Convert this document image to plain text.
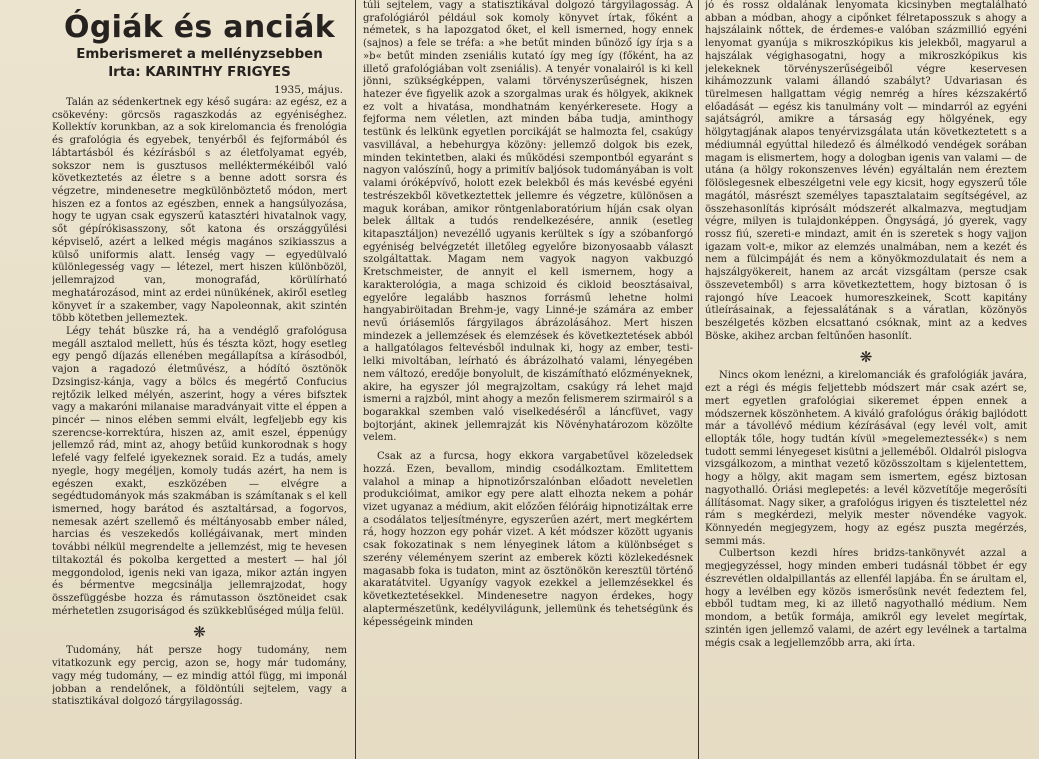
Ógiák és anciák
Emberismeret a mellényzsebben
Irta: KARINTHY FRIGYES
1935, május.

Talán az sédenkertnek egy késő sugára: az egész, ez a csökevény: görcsös ragaszkodás az egyéniséghez. Kollektív korunkban, az a sok kirelomancia és frenológia és grafológia és egyebek, tenyérből és fejformából és lábtartásból és kézírásból s az életfolyamat egyéb, sokszor nem is gusztusos melléktermékéiből való következtetés az életre s a benne adott sorsra és végzetre, mindenesetre megkülönböztető módon, mert hiszen ez a fontos az egészben, ennek a hangsúlyozása, hogy te ugyan csak egyszerű katasztéri hivatalnok vagy, sőt gépírókisasszony, sőt katona és országgyűlési képviselő, azért a lelked mégis magános szikiasszus a külső uniformis alatt. Ienség vagy — egyedülvaló különlegesség vagy — létezel, mert hiszen különbözöl, jellemrajzod van, monografád, körülírható meghatározásod, mint az erdei nünükének, akiről esetleg könyvet ír a szakember, vagy Napoleonnak, akit szintén több kötetben jellemeztek.

Légy tehát büszke rá, ha a vendéglő grafológusa megáll asztalod mellett, hús és tészta közt, hogy esetleg egy pengő díjazás ellenében megállapítsa a kírásodból, vajon a ragadozó életművész, a hódító ösztönök Dzsingisz-kánja, vagy a bölcs és megértő Confucius rejtőzik lelked mélyén, aszerint, hogy a véres bifsztek vagy a makaróni milanaise maradványait vitte el éppen a pincér — ninos elében semmi elvált, legfeljebb egy kis szerencse-korrektúra, hiszen az, amit eszel, éppenúgy jellemző rád, mint az, ahogy betűid kunkorodnak s hogy lefelé vagy felfelé igyekeznek soraid. Ez a tudás, amely nyegle, hogy megéljen, komoly tudás azért, ha nem is egészen exakt, eszközében — elvégre a segédtudományok más szakmában is számítanak s el kell ismerned, hogy barátod és asztaltársad, a fogorvos, nemesak azért szellemő és méltányosabb ember náled, harcias és veszekedős kollégáivanak, mert minden további nélkül megrendelte a jellemzést, mig te hevesen tiltakoztál és pokolba kergetted a mestert — hal jól meggondolod, igenis neki van igaza, mikor aztán ingyen és bérmentve megcsinálja jellemrajzodat, hogy összefüggésbe hozza és rámutasson ösztöneidet csak mérhetetlen zsugoriságod és szükkeblűséged múlja felül.

❋

Tudomány, hát persze hogy tudomány, nem vitatkozunk egy percig, azon se, hogy már tudomány, vagy még tudomány, — ez mindig attól függ, mi imponál jobban a rendelőnek, a földöntúli sejtelem, vagy a statisztikával dolgozó tárgyilagosság.

túli sejtelem, vagy a statisztikával dolgozó tárgyilagosság. A grafológiáról például sok komoly könyvet írtak, főként a németek, s ha lapozgatod őket, el kell ismerned, hogy ennek (sajnos) a fele se tréfa: a »he betűt minden bűnöző így írja s a »b« betűt minden zseniális kutató így meg így (főként, ha az illető grafológiában volt zseniális). A tenyér vonalairól is ki kell jönni, szükségképpen, valami törvényszerűségnek, hiszen hatezer éve figyelik azok a szorgalmas urak és hölgyek, akiknek ez volt a hivatása, mondhatnám kenyérkeresete. Hogy a fejforma nem véletlen, azt minden bába tudja, aminthogy testünk és lelkünk egyetlen porcikáját se halmozta fel, csakúgy vasvillával, a hebehurgya közöny: jellemző dolgok bis ezek, minden tekintetben, alaki és működési szempontból egyaránt s nagyon valószínű, hogy a primitív baljósok tudományában is volt valami óróképvívő, holott ezek belekből és más kevésbé egyéni testrészekből következtettek jellemre és végzetre, különösen a maguk korában, amikor röntgenlaboratórium híján csak olyan belek álltak a tudós rendelkezésére, annik (esetleg kitapasztáljon) nevezéllő ugyanis kerültek s így a szóbanforgó egyéniség belvégzetét illetőleg egyelőre bizonyosaabb választ szolgáltattak. Magam nem vagyok nagyon vakbuzgó Kretschmeister, de annyit el kell ismernem, hogy a karakterológia, a maga schizoid és cikloid beosztásaival, egyelőre legalább hasznos forrásmű lehetne holmi hangyabiröitadan Brehm-je, vagy Linné-je számára az ember nevű óriásemlős fárgyilagos ábrázolásához. Mert hiszen mindezek a jellemzések és elemzések és következtetések abból a hallgatólagos feltevésből indulnak ki, hogy az ember, testi-lelki mivoltában, leírható és ábrázolható valami, lényegében nem változó, eredője bonyolult, de kiszámítható előzményeknek, akire, ha egyszer jól megrajzoltam, csakúgy rá lehet majd ismerni a rajzból, mint ahogy a mezőn felismerem szirmairól s a bogarakkal szemben való viselkedéséről a láncfüvet, vagy bojtorjánt, akinek jellemrajzát kis Növényhatározom közölte velem.

Csak az a furcsa, hogy ekkora vargabetűvel közeledsek hozzá. Ezen, bevallom, mindig csodálkoztam. Emlitettem valahol a minap a hipnotizőrszalónban előadott neveletlen produkcióimat, amikor egy pere alatt elhozta nekem a pohár vizet ugyanaz a médium, akit előzően félóráig hipnotizáltak erre a csodálatos teljesítményre, egyszerűen azért, mert megkértem rá, hogy hozzon egy pohár vizet. A két módszer között ugyanis csak fokozatinak s nem lényeginek látom a különbséget s szerény véleményem szerint az emberek közti közlekedésnek magasabb foka is tudaton, mint az ösztönökön keresztül történő akaratátvitel. Ugyanígy vagyok ezekkel a jellemzésekkel és következtetésekkel. Mindenesetre nagyon érdekes, hogy alaptermészetünk, kedélyvilágunk, jellemünk és tehetségünk és képességeink minden

jó és rossz oldalának lenyomata kicsinyben megtalálható abban a módban, ahogy a cipőnket félretaposszuk s ahogy a hajszálaink nőttek, de érdemes-e valóban százmillió egyéni lenyomat gyanúja s mikroszkópikus kis jelekből, magyarul a hajszálak végighasogatni, hogy a mikroszkópikus kis jelekeknek törvényszerűségeiből végre keservesen kihámozzunk valami állandó szabályt? Udvariasan és türelmesen hallgattam végig nemrég a híres kézszakértő előadását — egész kis tanulmány volt — mindarról az egyéni sajátságról, amikre a társaság egy hölgyének, egy hölgytagjának alapos tenyérvizsgálata után következtetett s a médiumnál egyúttal hiledező és álmélkodó vendégek sorában magam is elismertem, hogy a dologban igenis van valami — de utána (a hölgy rokonszenves lévén) egyáltalán nem éreztem fölöslegesnek elbeszélgetni vele egy kicsit, hogy egyszerű tőle magától, másrészt személyes tapasztalataim segítségével, az összehasonlítás kiprósált módszerét alkalmazva, megtudjam végre, milyen is tulajdonképpen. Öngyságá, jó gyerek, vagy rossz fiú, szereti-e mindazt, amit én is szeretek s hogy vajjon igazam volt-e, mikor az elemzés unalmában, nem a kezét és nem a fülcimpáját és nem a könyökmozdulatait és nem a hajszálgyökereit, hanem az arcát vizsgáltam (persze csak összevetemből) s arra következtettem, hogy biztosan ő is rajongó híve Leacoek humoreszkeinek, Scott kapitány útleírásainak, a fejessalátának s a váratlan, közönyös beszélgetés közben elcsattanó csóknak, mint az a kedves Böske, akihez arcban feltűnően hasonlít.

❋

Nincs okom lenézni, a kirelomanciák és grafológiák javára, ezt a régi és mégis feljettebb módszert már csak azért se, mert egyetlen grafológiai sikeremet éppen ennek a módszernek köszönhetem. A kiváló grafológus órákig bajlódott már a távollévő médium kézírásával (egy levél volt, amit ellopták tőle, hogy tudtán kívül »megelemeztessék«) s nem tudott semmi lényegeset kisütni a jelleméből. Oldalról pislogva vizsgálkozom, a minthat vezető közösszoltam s kijelentettem, hogy a hölgy, akit magam sem ismertem, egész biztosan nagyothalló. Óriási meglepetés: a levél közvetítője megerősíti állításomat. Nagy siker, a grafológus irigyen és tisztelettel néz rám s megkérdezi, melyik mester növendéke vagyok. Könnyedén megjegyzem, hogy az egész puszta megérzés, semmi más.

Culbertson kezdi híres bridzs-tankönyvét azzal a megjegyzéssel, hogy minden emberi tudásnál többet ér egy észrevétlen oldalpillantás az ellenfél lapjába. Én se árultam el, hogy a levélben egy közös ismerősünk nevét fedeztem fel, ebből tudtam meg, ki az illető nagyothalló médium. Nem mondom, a betűk formája, amikről egy levelet megírtak, szintén igen jellemző valami, de azért egy levélnek a tartalma mégis csak a legjellemzőbb arra, aki írta.
